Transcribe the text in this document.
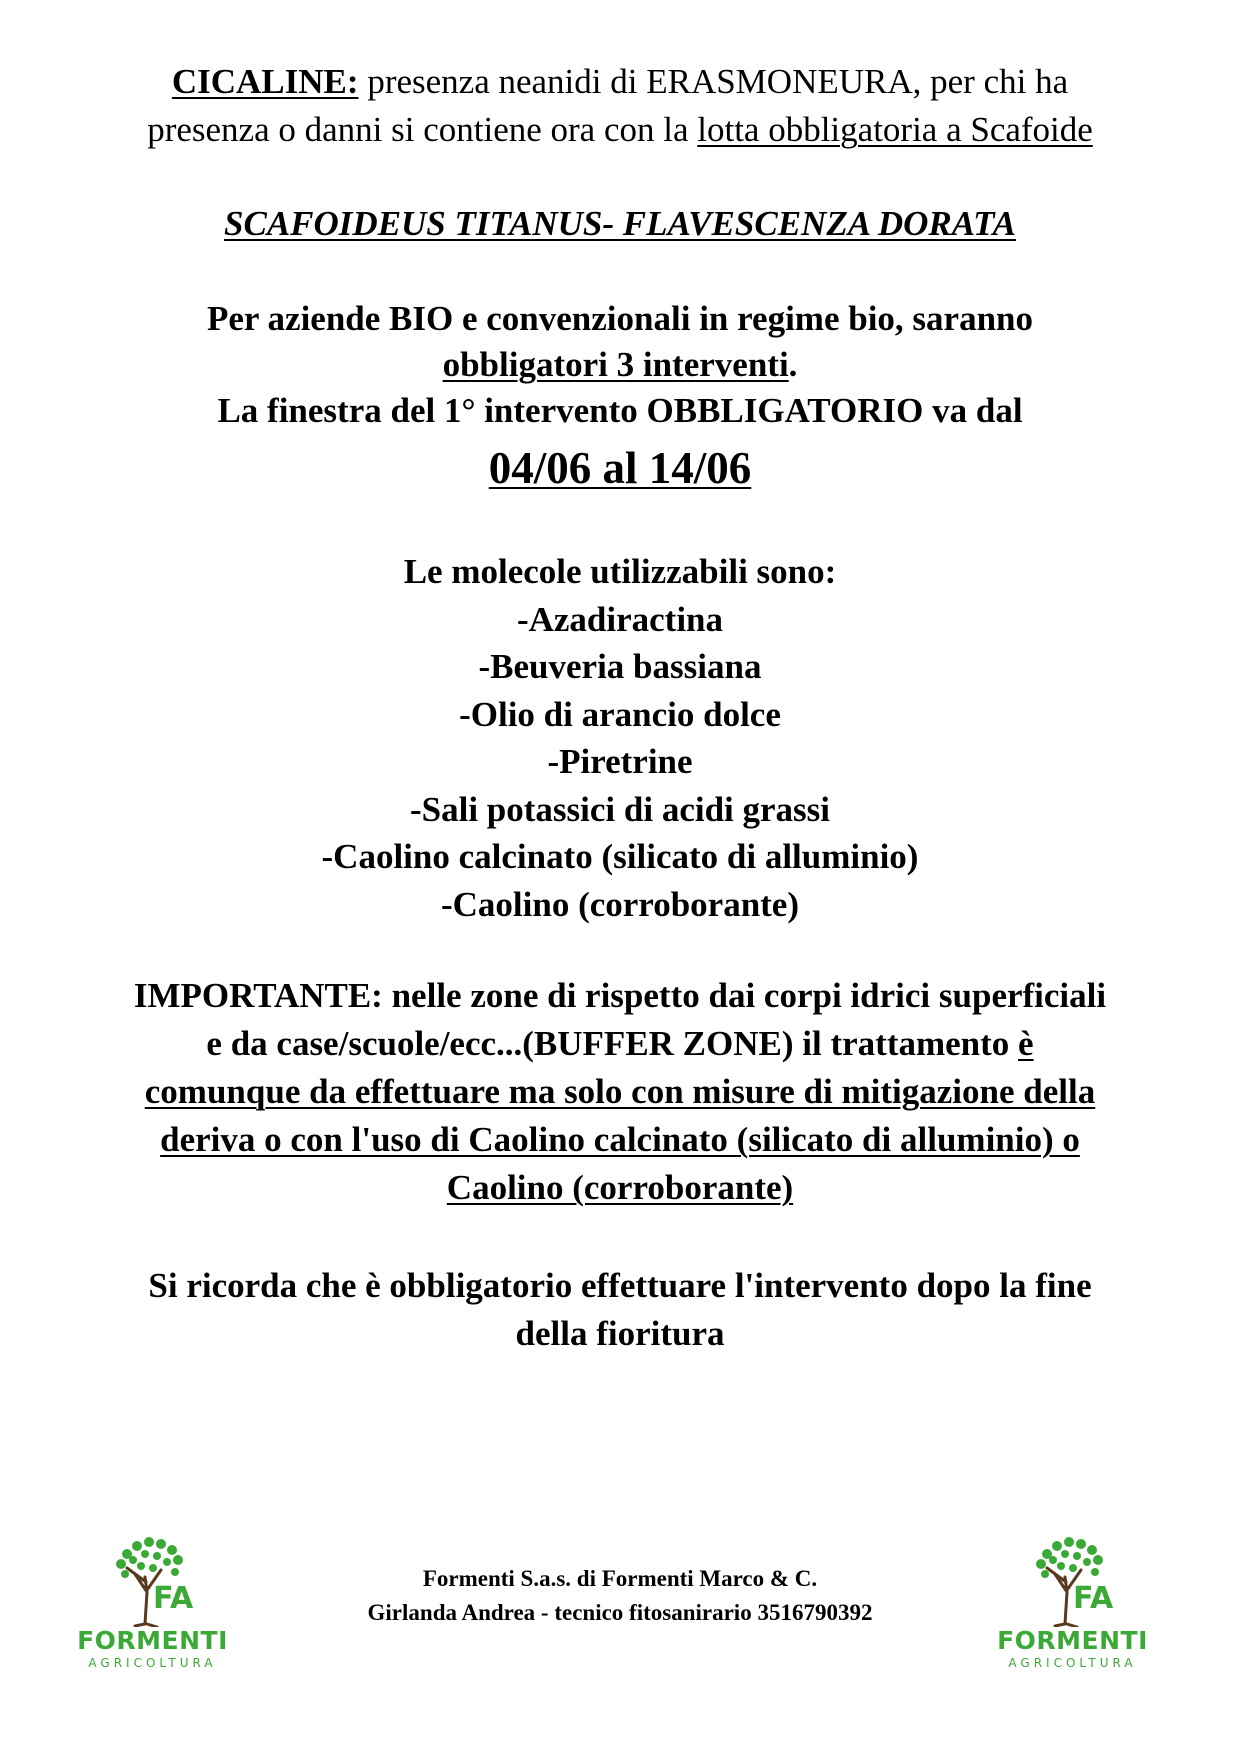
CICALINE: presenza neanidi di ERASMONEURA, per chi ha
presenza o danni si contiene ora con la lotta obbligatoria a Scafoide
SCAFOIDEUS TITANUS- FLAVESCENZA DORATA
Per aziende BIO e convenzionali in regime bio, saranno
obbligatori 3 interventi.
La finestra del 1° intervento OBBLIGATORIO va dal
04/06 al 14/06
Le molecole utilizzabili sono:
-Azadiractina
-Beuveria bassiana
-Olio di arancio dolce
-Piretrine
-Sali potassici di acidi grassi
-Caolino calcinato (silicato di alluminio)
-Caolino (corroborante)
IMPORTANTE: nelle zone di rispetto dai corpi idrici superficiali
e da case/scuole/ecc...(BUFFER ZONE) il trattamento è
comunque da effettuare ma solo con misure di mitigazione della
deriva o con l'uso di Caolino calcinato (silicato di alluminio) o
Caolino (corroborante)
Si ricorda che è obbligatorio effettuare l'intervento dopo la fine
della fioritura
FA
FORMENTI
AGRICOLTURA
Formenti S.a.s. di Formenti Marco & C.
Girlanda Andrea - tecnico fitosanirario 3516790392	FA
FORMENTI
AGRICOLTURA
